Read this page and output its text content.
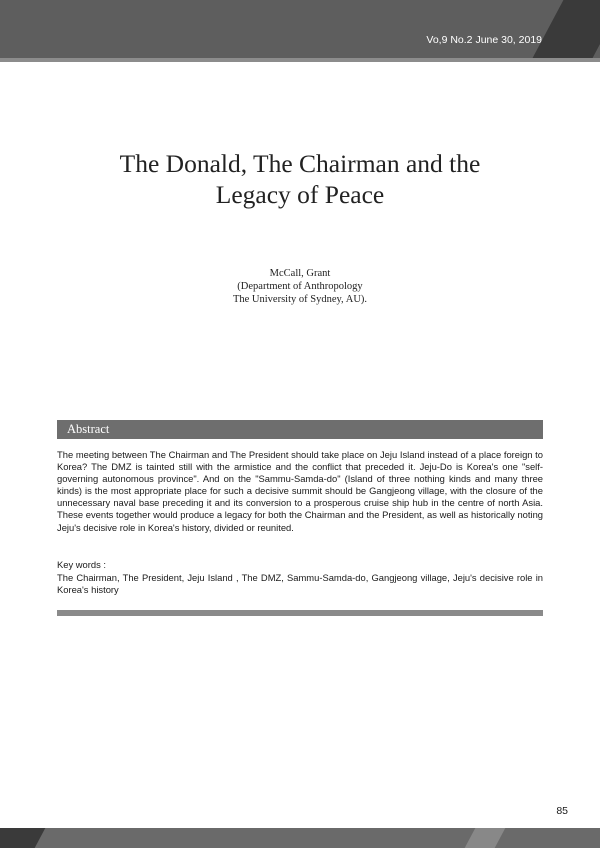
Vo,9 No.2 June 30, 2019
The Donald, The Chairman and the
Legacy of Peace
McCall, Grant
(Department of Anthropology
The University of Sydney, AU).
Abstract

The meeting between The Chairman and The President should take place on Jeju Island instead of a place foreign to Korea? The DMZ is tainted still with the armistice and the conflict that preceded it. Jeju-Do is Korea's one "self-governing autonomous province". And on the "Sammu-Samda-do" (Island of three nothing kinds and many three kinds) is the most appropriate place for such a decisive summit should be Gangjeong village, with the closure of the unnecessary naval base preceding it and its conversion to a prosperous cruise ship hub in the centre of north Asia. These events together would produce a legacy for both the Chairman and the President, as well as historically noting Jeju's decisive role in Korea's history, divided or reunited.

Key words :

The Chairman, The President, Jeju Island , The DMZ, Sammu-Samda-do, Gangjeong village, Jeju's decisive role in Korea's history

85
